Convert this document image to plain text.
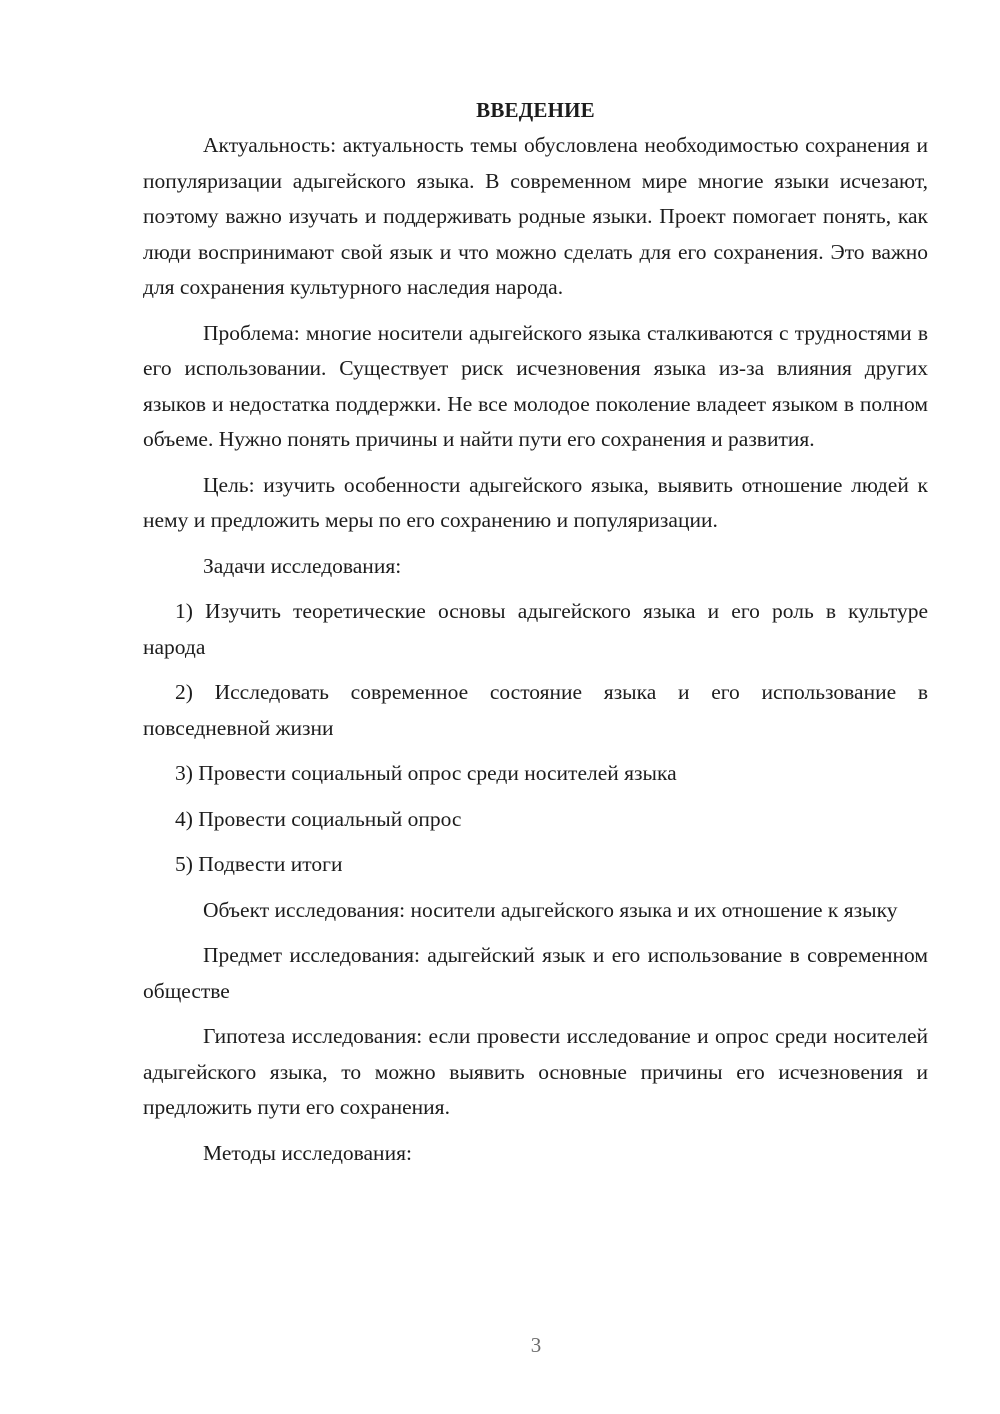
ВВЕДЕНИЕ

Актуальность: актуальность темы обусловлена необходимостью сохранения и популяризации адыгейского языка. В современном мире многие языки исчезают, поэтому важно изучать и поддерживать родные языки. Проект помогает понять, как люди воспринимают свой язык и что можно сделать для его сохранения. Это важно для сохранения культурного наследия народа.

Проблема: многие носители адыгейского языка сталкиваются с трудностями в его использовании. Существует риск исчезновения языка из-за влияния других языков и недостатка поддержки. Не все молодое поколение владеет языком в полном объеме. Нужно понять причины и найти пути его сохранения и развития.

Цель: изучить особенности адыгейского языка, выявить отношение людей к нему и предложить меры по его сохранению и популяризации.

Задачи исследования:

1) Изучить теоретические основы адыгейского языка и его роль в культуре народа

2) Исследовать современное состояние языка и его использование в повседневной жизни

3) Провести социальный опрос среди носителей языка

4) Провести социальный опрос

5) Подвести итоги

Объект исследования: носители адыгейского языка и их отношение к языку

Предмет исследования: адыгейский язык и его использование в современном обществе

Гипотеза исследования: если провести исследование и опрос среди носителей адыгейского языка, то можно выявить основные причины его исчезновения и предложить пути его сохранения.

Методы исследования:

3
